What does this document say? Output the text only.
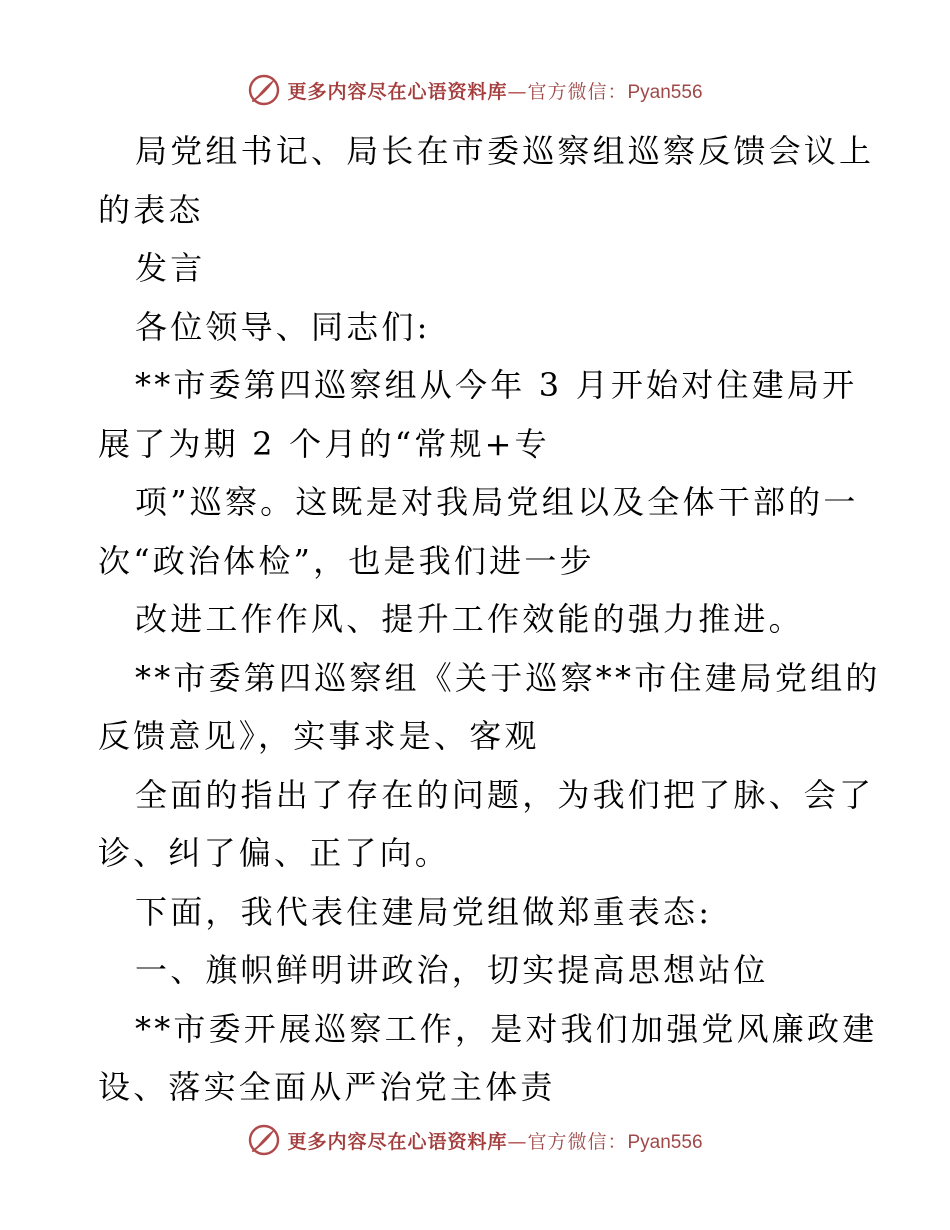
更多内容尽在心语资料库—官方微信：Pyan556

局党组书记、局长在市委巡察组巡察反馈会议上

的表态

发言

各位领导、同志们:

**市委第四巡察组从今年 3 月开始对住建局开

展了为期 2 个月的“常规+专

项”巡察。这既是对我局党组以及全体干部的一

次“政治体检”，也是我们进一步

改进工作作风、提升工作效能的强力推进。

**市委第四巡察组《关于巡察**市住建局党组的

反馈意见》，实事求是、客观

全面的指出了存在的问题，为我们把了脉、会了

诊、纠了偏、正了向。

下面，我代表住建局党组做郑重表态:

一、旗帜鲜明讲政治，切实提高思想站位

**市委开展巡察工作，是对我们加强党风廉政建

设、落实全面从严治党主体责

更多内容尽在心语资料库—官方微信：Pyan556
